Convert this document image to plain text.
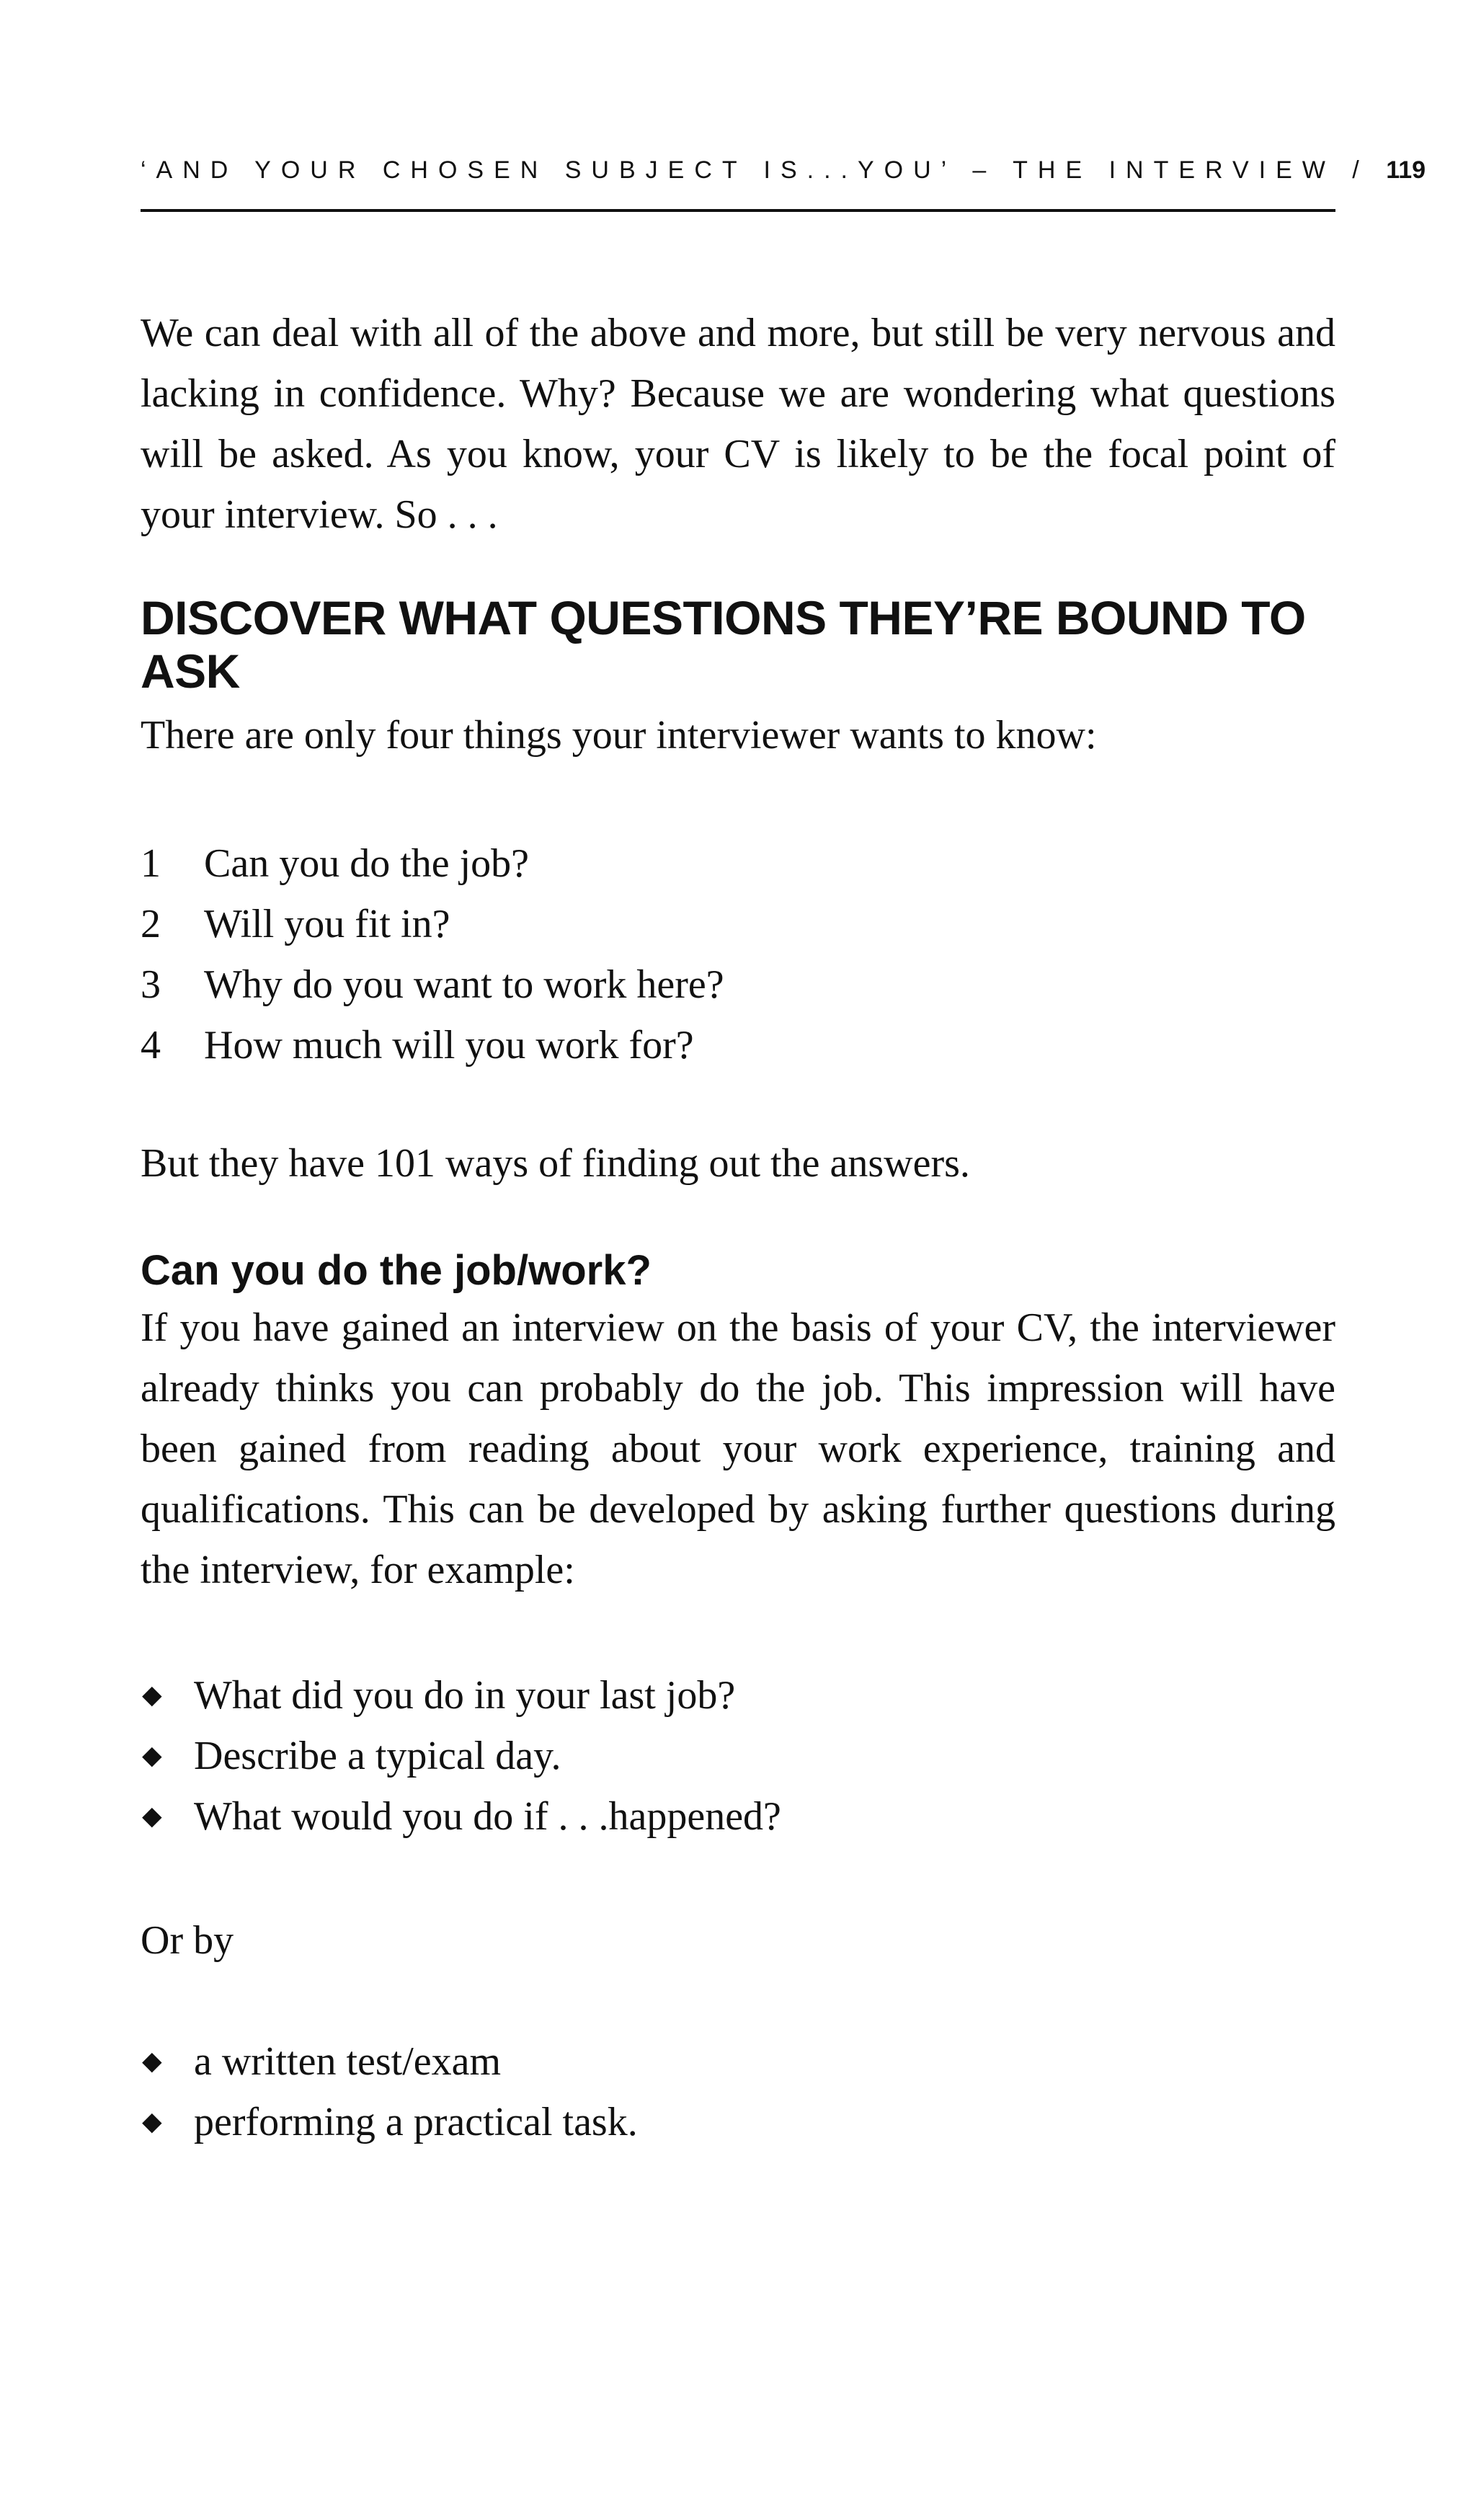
‘AND YOUR CHOSEN SUBJECT IS...YOU’ – THE INTERVIEW / 119

We can deal with all of the above and more, but still be very nervous and lacking in confidence. Why? Because we are wondering what questions will be asked. As you know, your CV is likely to be the focal point of your interview. So . . .

DISCOVER WHAT QUESTIONS THEY’RE BOUND TO ASK

There are only four things your interviewer wants to know:

1 Can you do the job?
2 Will you fit in?
3 Why do you want to work here?
4 How much will you work for?

But they have 101 ways of finding out the answers.

Can you do the job/work?

If you have gained an interview on the basis of your CV, the interviewer already thinks you can probably do the job. This impression will have been gained from reading about your work experience, training and qualifications. This can be developed by asking further questions during the interview, for example:

◆ What did you do in your last job?
◆ Describe a typical day.
◆ What would you do if . . .happened?

Or by

◆ a written test/exam
◆ performing a practical task.
